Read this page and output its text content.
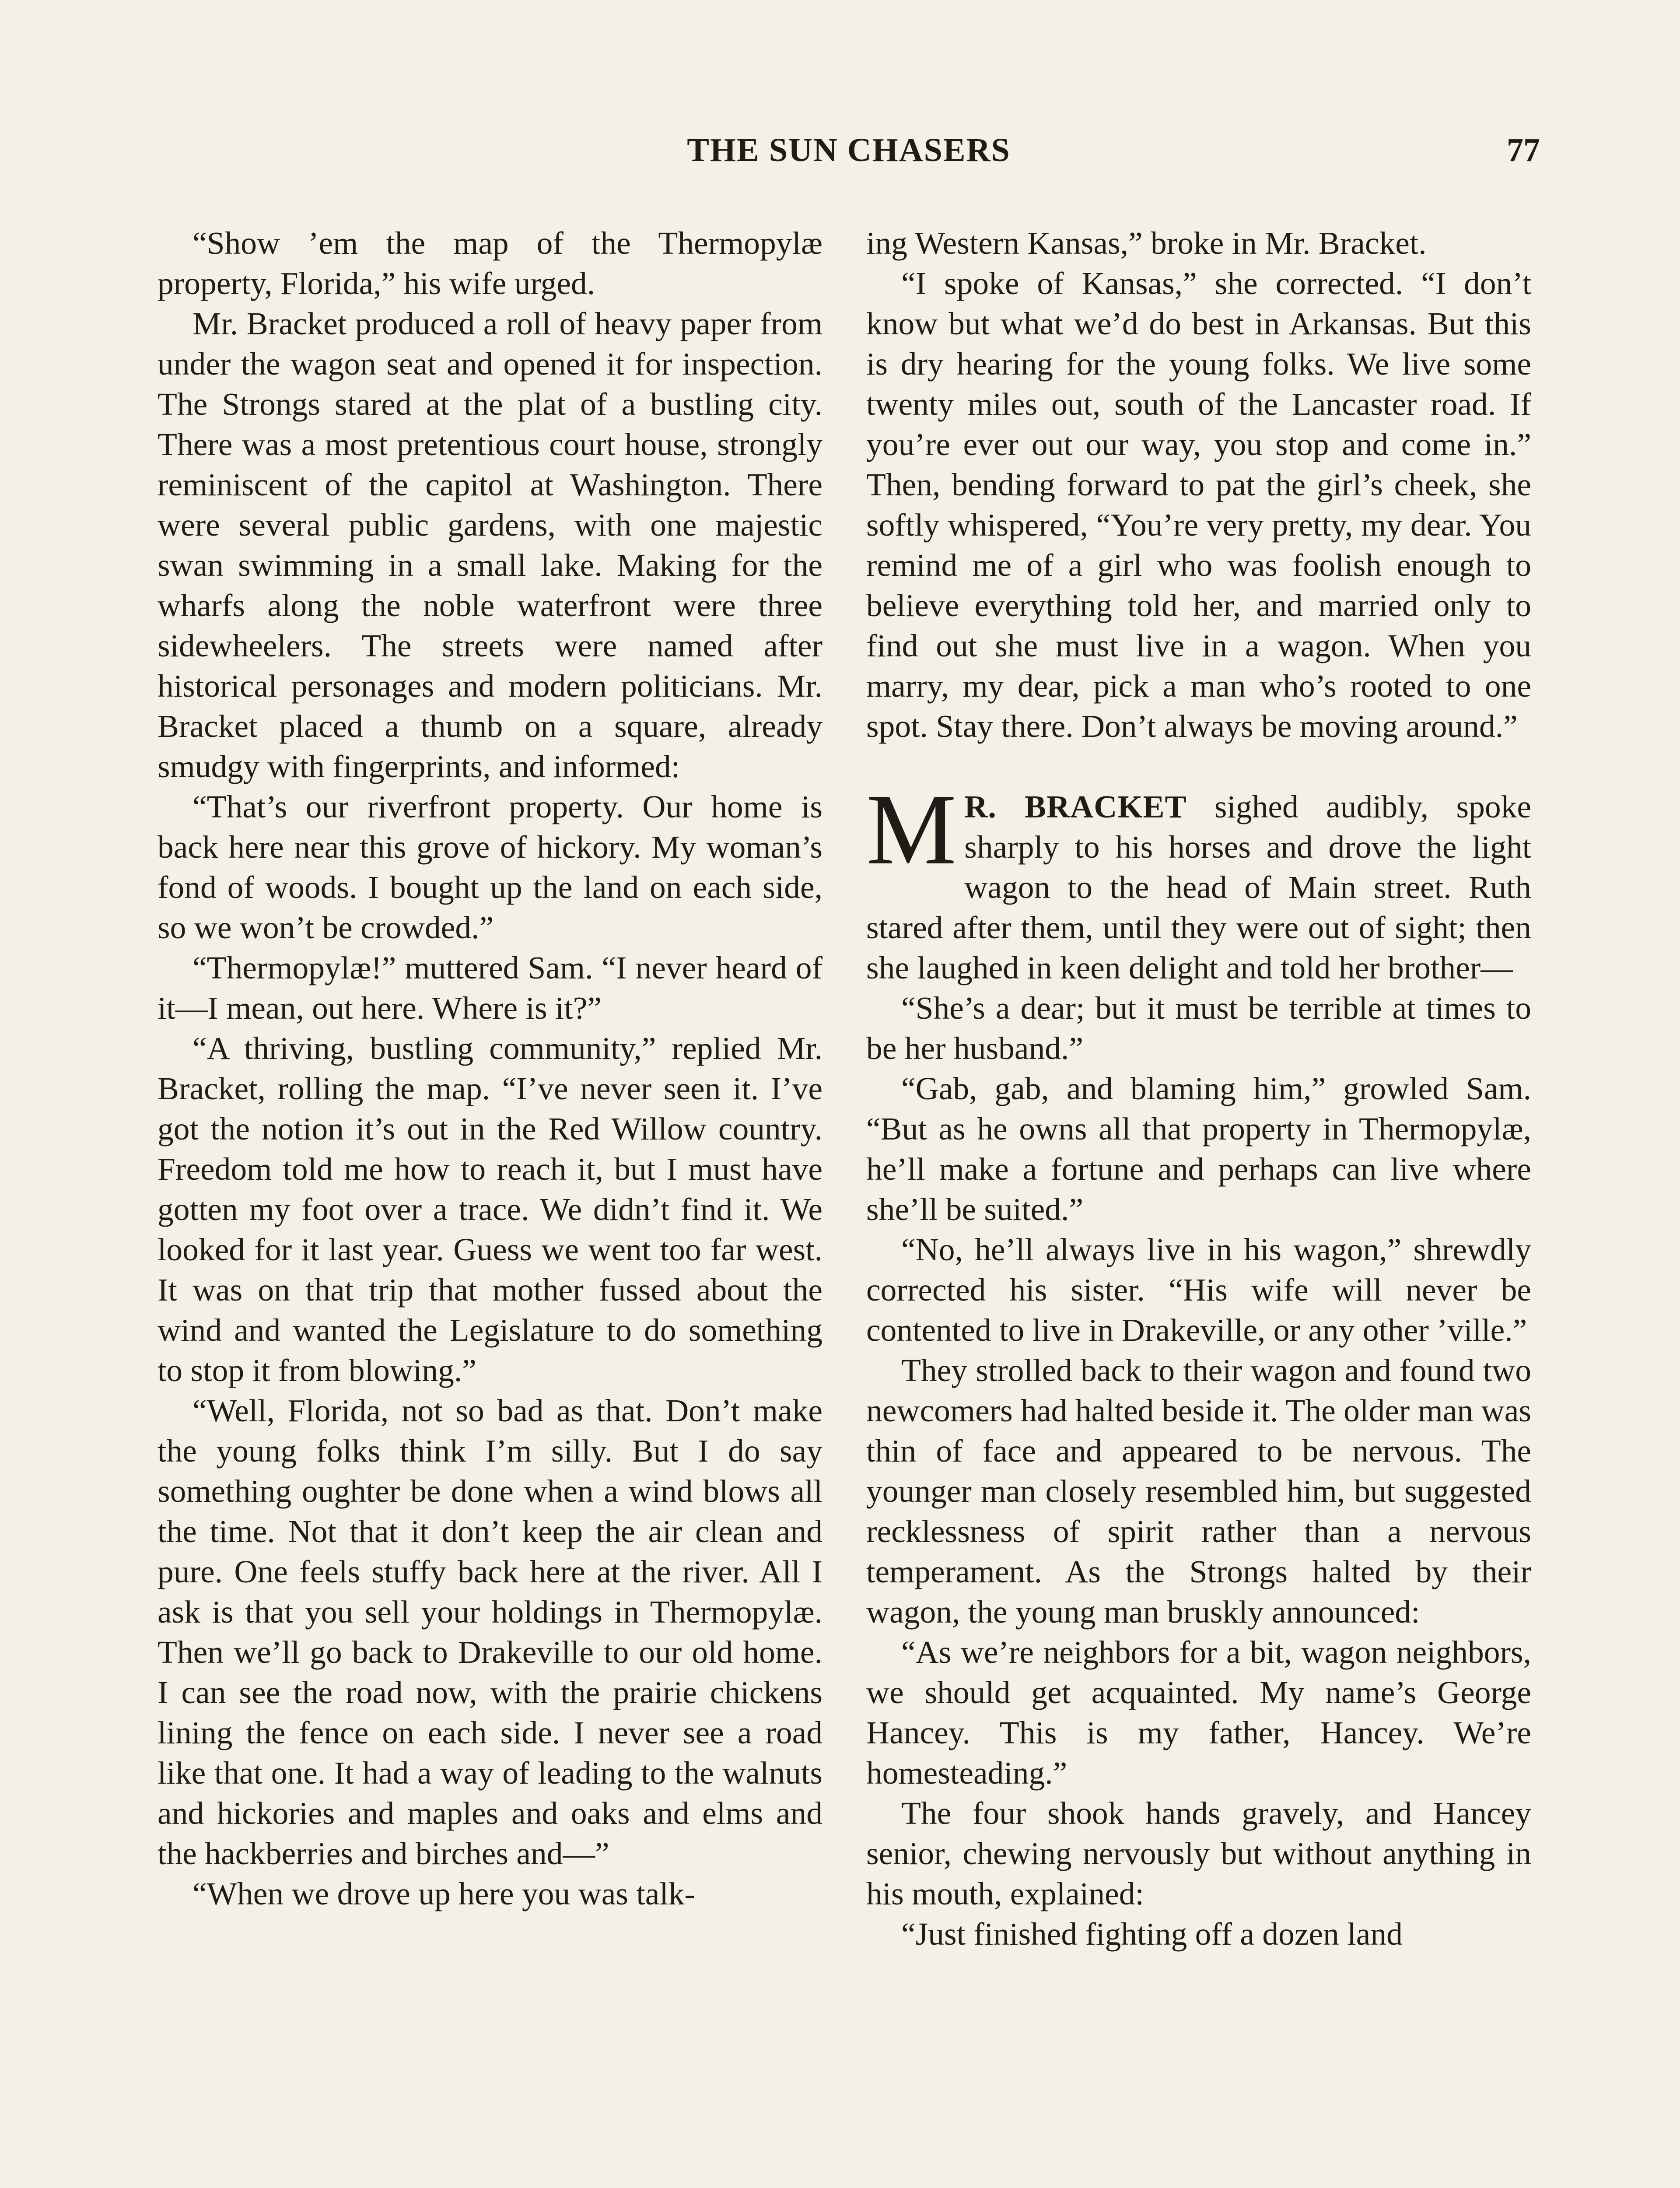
THE SUN CHASERS	77

“Show ’em the map of the Thermopylæ property, Florida,” his wife urged.

Mr. Bracket produced a roll of heavy paper from under the wagon seat and opened it for inspection. The Strongs stared at the plat of a bustling city. There was a most pretentious court house, strongly reminiscent of the capitol at Washington. There were several public gardens, with one majestic swan swimming in a small lake. Making for the wharfs along the noble waterfront were three sidewheelers. The streets were named after historical personages and modern politicians. Mr. Bracket placed a thumb on a square, already smudgy with fingerprints, and informed:

“That’s our riverfront property. Our home is back here near this grove of hickory. My woman’s fond of woods. I bought up the land on each side, so we won’t be crowded.”

“Thermopylæ!” muttered Sam. “I never heard of it—I mean, out here. Where is it?”

“A thriving, bustling community,” replied Mr. Bracket, rolling the map. “I’ve never seen it. I’ve got the notion it’s out in the Red Willow country. Freedom told me how to reach it, but I must have gotten my foot over a trace. We didn’t find it. We looked for it last year. Guess we went too far west. It was on that trip that mother fussed about the wind and wanted the Legislature to do something to stop it from blowing.”

“Well, Florida, not so bad as that. Don’t make the young folks think I’m silly. But I do say something oughter be done when a wind blows all the time. Not that it don’t keep the air clean and pure. One feels stuffy back here at the river. All I ask is that you sell your holdings in Thermopylæ. Then we’ll go back to Drakeville to our old home. I can see the road now, with the prairie chickens lining the fence on each side. I never see a road like that one. It had a way of leading to the walnuts and hickories and maples and oaks and elms and the hackberries and birches and—”

“When we drove up here you was talk-

ing Western Kansas,” broke in Mr. Bracket.

“I spoke of Kansas,” she corrected. “I don’t know but what we’d do best in Arkansas. But this is dry hearing for the young folks. We live some twenty miles out, south of the Lancaster road. If you’re ever out our way, you stop and come in.” Then, bending forward to pat the girl’s cheek, she softly whispered, “You’re very pretty, my dear. You remind me of a girl who was foolish enough to believe everything told her, and married only to find out she must live in a wagon. When you marry, my dear, pick a man who’s rooted to one spot. Stay there. Don’t always be moving around.”

M R. BRACKET sighed audibly, spoke sharply to his horses and drove the light wagon to the head of Main street. Ruth stared after them, until they were out of sight; then she laughed in keen delight and told her brother—

“She’s a dear; but it must be terrible at times to be her husband.”

“Gab, gab, and blaming him,” growled Sam. “But as he owns all that property in Thermopylæ, he’ll make a fortune and perhaps can live where she’ll be suited.”

“No, he’ll always live in his wagon,” shrewdly corrected his sister. “His wife will never be contented to live in Drakeville, or any other ’ville.”

They strolled back to their wagon and found two newcomers had halted beside it. The older man was thin of face and appeared to be nervous. The younger man closely resembled him, but suggested recklessness of spirit rather than a nervous temperament. As the Strongs halted by their wagon, the young man bruskly announced:

“As we’re neighbors for a bit, wagon neighbors, we should get acquainted. My name’s George Hancey. This is my father, Hancey. We’re homesteading.”

The four shook hands gravely, and Hancey senior, chewing nervously but without anything in his mouth, explained:

“Just finished fighting off a dozen land
